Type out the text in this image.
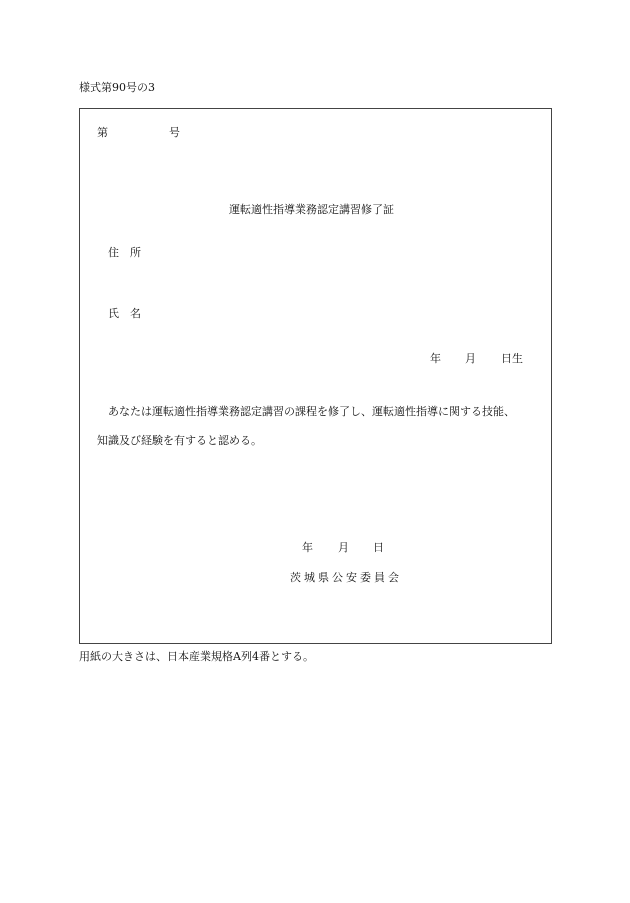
様式第90号の3
第	号
運転適性指導業務認定講習修了証
住　所
氏　名
年 月 日生
あなたは運転適性指導業務認定講習の課程を修了し、運転適性指導に関する技能、
知識及び経験を有すると認める。
年 月 日
茨城県公安委員会
用紙の大きさは、日本産業規格A列4番とする。
